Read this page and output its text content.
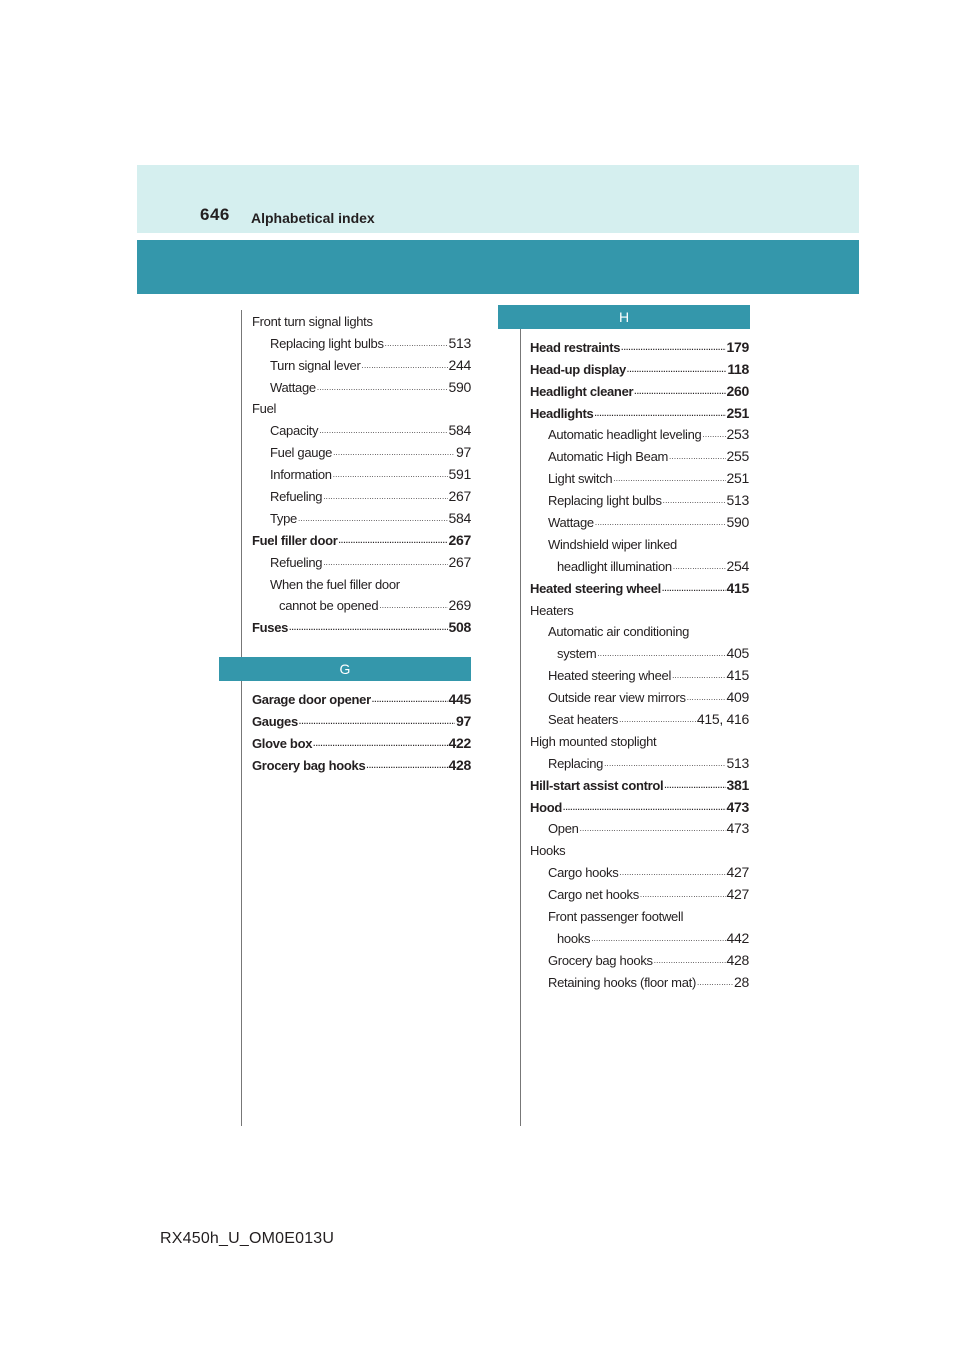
646 Alphabetical index
Front turn signal lights
Replacing light bulbs .....	513
Turn signal lever .....	244
Wattage .....	590
Fuel
Capacity .....	584
Fuel gauge .....	97
Information .....	591
Refueling .....	267
Type .....	584
Fuel filler door .....	267
Refueling .....	267
When the fuel filler door
cannot be opened .....	269
Fuses .....	508
G
Garage door opener .....	445
Gauges .....	97
Glove box .....	422
Grocery bag hooks .....	428
H
Head restraints .....	179
Head-up display .....	118
Headlight cleaner .....	260
Headlights .....	251
Automatic headlight leveling ..... 253
Automatic High Beam .....	255
Light switch .....	251
Replacing light bulbs .....	513
Wattage .....	590
Windshield wiper linked
headlight illumination .....	254
Heated steering wheel .....	415
Heaters
Automatic air conditioning
system .....	405
Heated steering wheel .....	415
Outside rear view mirrors .....	409
Seat heaters .....	415, 416
High mounted stoplight
Replacing .....	513
Hill-start assist control .....	381
Hood .....	473
Open .....	473
Hooks
Cargo hooks .....	427
Cargo net hooks .....	427
Front passenger footwell
hooks .....	442
Grocery bag hooks .....	428
Retaining hooks (floor mat) .....	28
RX450h_U_OM0E013U
